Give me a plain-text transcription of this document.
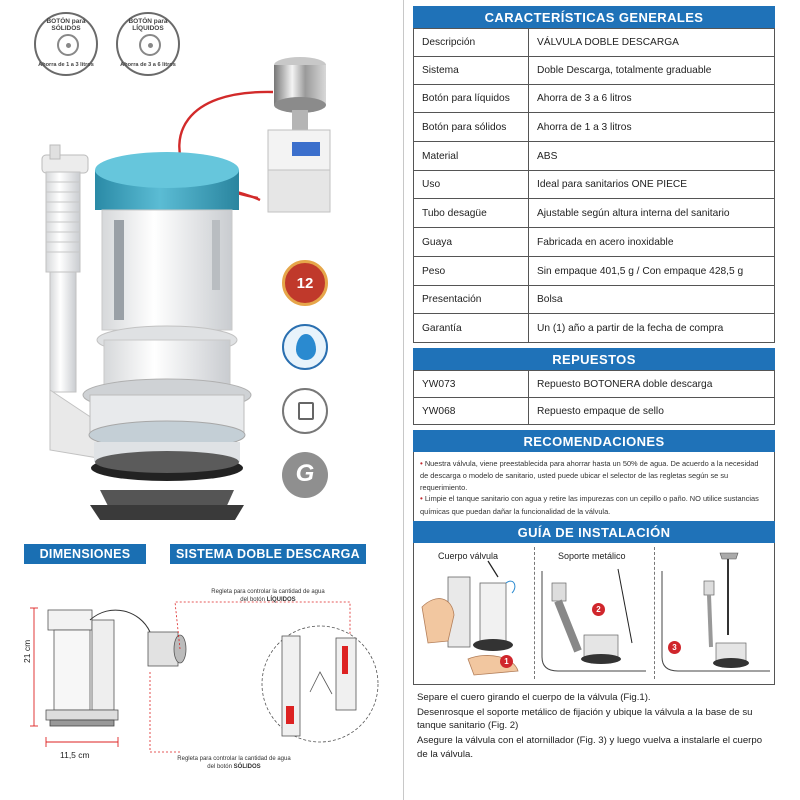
BOTÓN para SÓLIDOS
Ahorra de 1 a 3 litros
BOTÓN para LÍQUIDOS
Ahorra de 3 a 6 litros
12
G
DIMENSIONES	SISTEMA DOBLE DESCARGA
21 cm
11,5 cm
Regleta para controlar la cantidad de agua del botón LÍQUIDOS
Regleta para controlar la cantidad de agua del botón SÓLIDOS
CARACTERÍSTICAS GENERALES
Descripción	VÁLVULA DOBLE DESCARGA
Sistema	Doble Descarga, totalmente graduable
Botón para líquidos	Ahorra de 3 a 6 litros
Botón para sólidos	Ahorra de 1 a 3 litros
Material	ABS
Uso	Ideal para sanitarios ONE PIECE
Tubo desagüe	Ajustable según altura interna del sanitario
Guaya	Fabricada en acero inoxidable
Peso	Sin empaque 401,5 g / Con empaque 428,5 g
Presentación	Bolsa
Garantía	Un (1) año a partir de la fecha de compra
REPUESTOS
YW073	Repuesto BOTONERA doble descarga
YW068	Repuesto empaque de sello
RECOMENDACIONES

• Nuestra válvula, viene preestablecida para ahorrar hasta un 50% de agua. De acuerdo a la necesidad de descarga o modelo de sanitario, usted puede ubicar el selector de las regletas según se su requerimiento.

• Limpie el tanque sanitario con agua y retire las impurezas con un cepillo o paño. NO utilice sustancias químicas que puedan dañar la funcionalidad de la válvula.

GUÍA DE INSTALACIÓN
Cuerpo válvula
1
Soporte metálico
2
3

Separe el cuero girando el cuerpo de la válvula (Fig.1).

Desenrosque el soporte metálico de fijación y ubique la válvula a la base de su tanque sanitario (Fig. 2)

Asegure la válvula con el atornillador (Fig. 3) y luego vuelva a instalarle el cuerpo de la válvula.
